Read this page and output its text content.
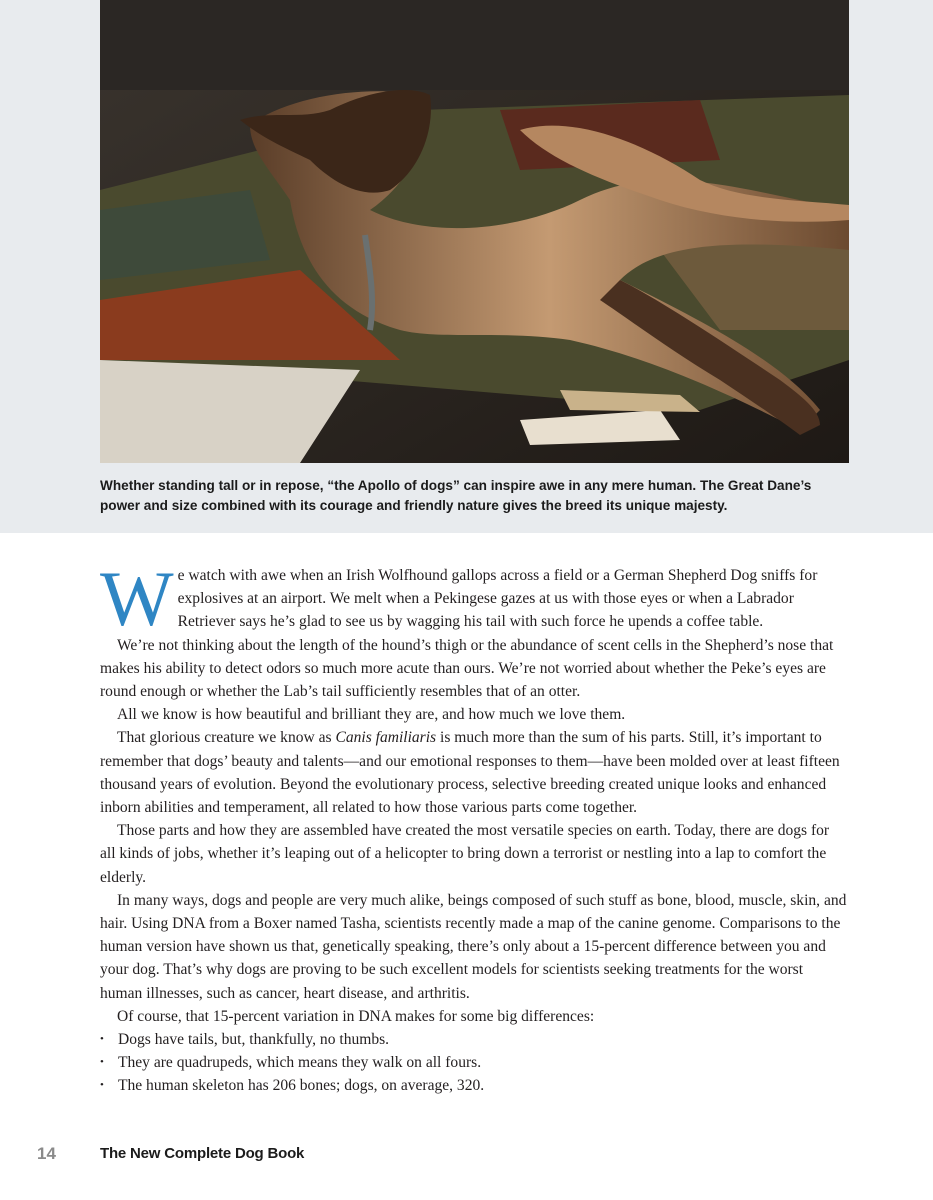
Whether standing tall or in repose, “the Apollo of dogs” can inspire awe in any mere human. The Great Dane’s power and size combined with its courage and friendly nature gives the breed its unique majesty.

We watch with awe when an Irish Wolfhound gallops across a field or a German Shepherd Dog sniffs for explosives at an airport. We melt when a Pekingese gazes at us with those eyes or when a Labrador Retriever says he’s glad to see us by wagging his tail with such force he upends a coffee table.

We’re not thinking about the length of the hound’s thigh or the abundance of scent cells in the Shepherd’s nose that makes his ability to detect odors so much more acute than ours. We’re not worried about whether the Peke’s eyes are round enough or whether the Lab’s tail sufficiently resembles that of an otter.

All we know is how beautiful and brilliant they are, and how much we love them.

That glorious creature we know as Canis familiaris is much more than the sum of his parts. Still, it’s important to remember that dogs’ beauty and talents—and our emotional responses to them—have been molded over at least fifteen thousand years of evolution. Beyond the evolutionary process, selective breeding created unique looks and enhanced inborn abilities and temperament, all related to how those various parts come together.

Those parts and how they are assembled have created the most versatile species on earth. Today, there are dogs for all kinds of jobs, whether it’s leaping out of a helicopter to bring down a terrorist or nestling into a lap to comfort the elderly.

In many ways, dogs and people are very much alike, beings composed of such stuff as bone, blood, muscle, skin, and hair. Using DNA from a Boxer named Tasha, scientists recently made a map of the canine genome. Comparisons to the human version have shown us that, genetically speaking, there’s only about a 15-percent difference between you and your dog. That’s why dogs are proving to be such excellent models for scientists seeking treatments for the worst human illnesses, such as cancer, heart disease, and arthritis.

Of course, that 15-percent variation in DNA makes for some big differences:

• Dogs have tails, but, thankfully, no thumbs.
• They are quadrupeds, which means they walk on all fours.
• The human skeleton has 206 bones; dogs, on average, 320.
14	The New Complete Dog Book
